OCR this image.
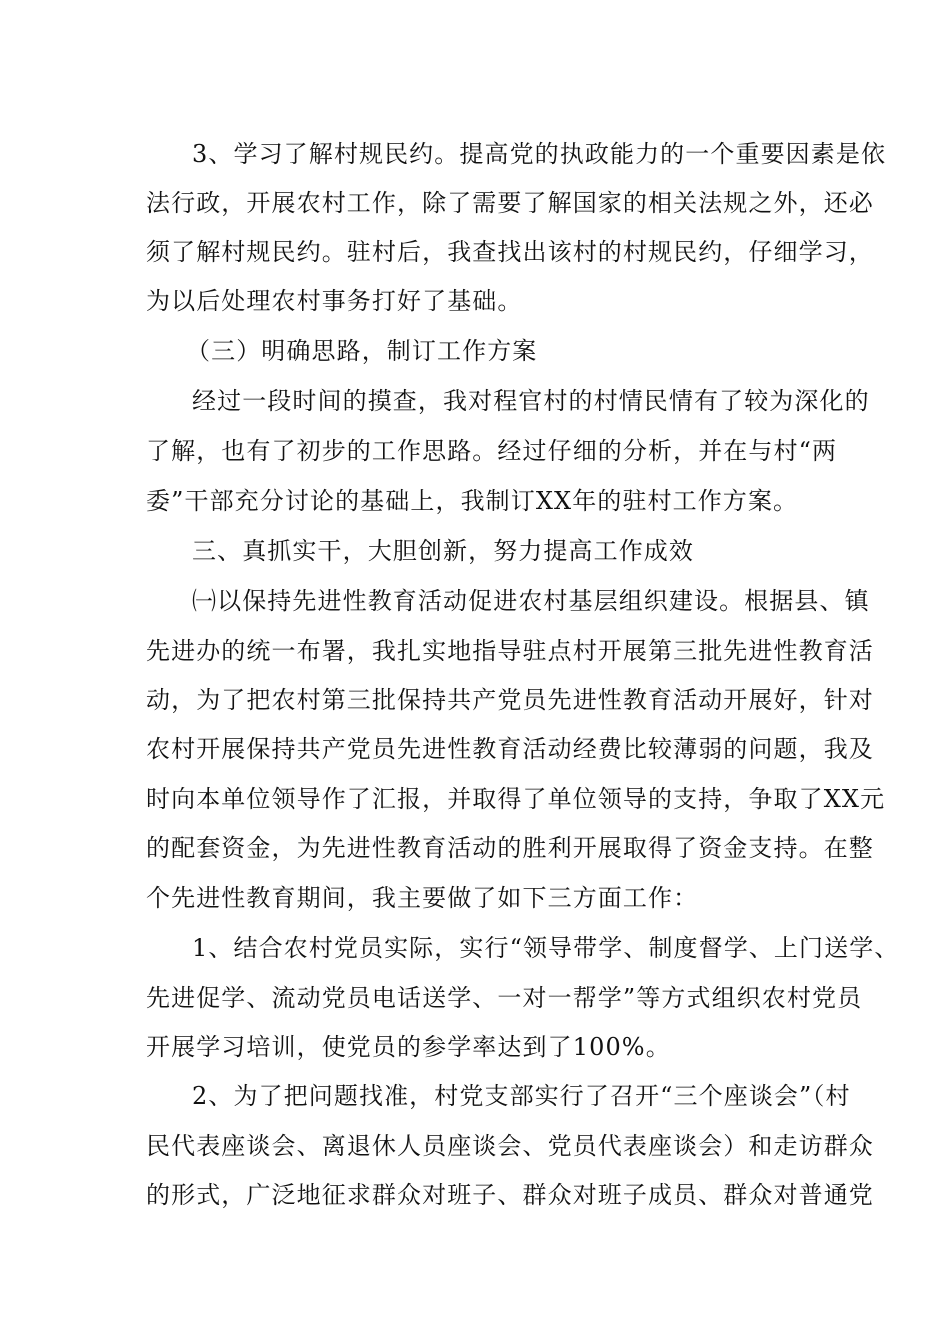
3、学习了解村规民约。提高党的执政能力的一个重要因素是依
法行政，开展农村工作，除了需要了解国家的相关法规之外，还必
须了解村规民约。驻村后，我查找出该村的村规民约，仔细学习，
为以后处理农村事务打好了基础。
（三）明确思路，制订工作方案
经过一段时间的摸查，我对程官村的村情民情有了较为深化的
了解，也有了初步的工作思路。经过仔细的分析，并在与村“两
委”干部充分讨论的基础上，我制订XX年的驻村工作方案。
三、真抓实干，大胆创新，努力提高工作成效
㈠以保持先进性教育活动促进农村基层组织建设。根据县、镇
先进办的统一布署，我扎实地指导驻点村开展第三批先进性教育活
动，为了把农村第三批保持共产党员先进性教育活动开展好，针对
农村开展保持共产党员先进性教育活动经费比较薄弱的问题，我及
时向本单位领导作了汇报，并取得了单位领导的支持，争取了XX元
的配套资金，为先进性教育活动的胜利开展取得了资金支持。在整
个先进性教育期间，我主要做了如下三方面工作：
1、结合农村党员实际，实行“领导带学、制度督学、上门送学、
先进促学、流动党员电话送学、一对一帮学”等方式组织农村党员
开展学习培训，使党员的参学率达到了100%。
2、为了把问题找准，村党支部实行了召开“三个座谈会”（村
民代表座谈会、离退休人员座谈会、党员代表座谈会）和走访群众
的形式，广泛地征求群众对班子、群众对班子成员、群众对普通党
